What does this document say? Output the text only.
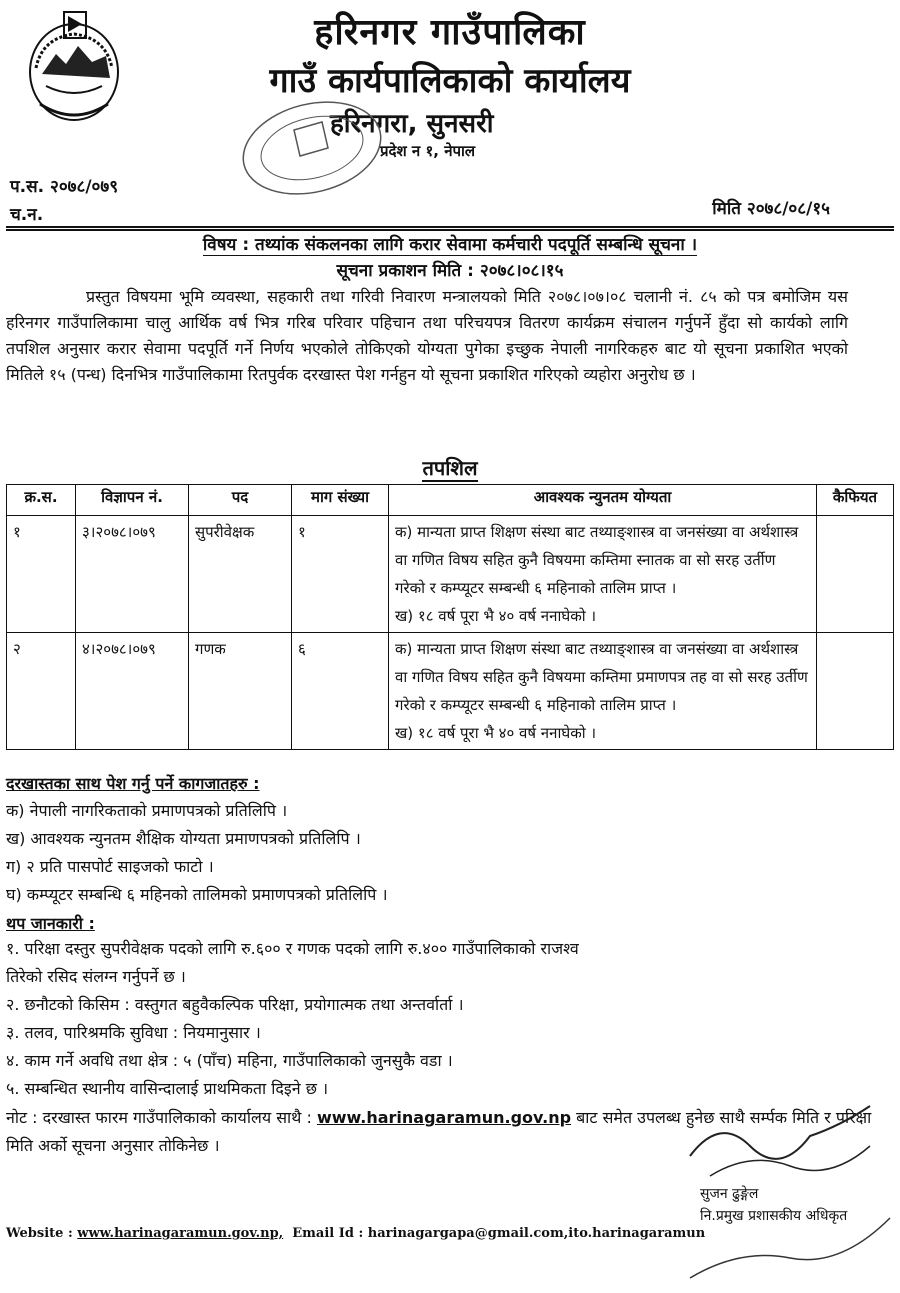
हरिनगर गाउँपालिका
गाउँ कार्यपालिकाको कार्यालय
हरिनगरा, सुनसरी
प्रदेश न १, नेपाल
प.स. २०७८/०७९
च.न.	मिति २०७८/०८/१५
विषय : तथ्यांक संकलनका लागि करार सेवामा कर्मचारी पदपूर्ति सम्बन्धि सूचना ।
सूचना प्रकाशन मिति : २०७८।०८।१५
प्रस्तुत विषयमा भूमि व्यवस्था, सहकारी तथा गरिवी निवारण मन्त्रालयको मिति २०७८।०७।०८ चलानी नं. ८५ को पत्र बमोजिम यस हरिनगर गाउँपालिकामा चालु आर्थिक वर्ष भित्र गरिब परिवार पहिचान तथा परिचयपत्र वितरण कार्यक्रम संचालन गर्नुपर्ने हुँदा सो कार्यको लागि तपशिल अनुसार करार सेवामा पदपूर्ति गर्ने निर्णय भएकोले तोकिएको योग्यता पुगेका इच्छुक नेपाली नागरिकहरु बाट यो सूचना प्रकाशित भएको मितिले १५ (पन्ध) दिनभित्र गाउँपालिकामा रितपुर्वक दरखास्त पेश गर्नहुन यो सूचना प्रकाशित गरिएको व्यहोरा अनुरोध छ ।
तपशिल
क्र.स.	विज्ञापन नं.	पद	माग संख्या	आवश्यक न्युनतम योग्यता	कैफियत
१	३।२०७८।०७९	सुपरीवेक्षक	१	क) मान्यता प्राप्त शिक्षण संस्था बाट तथ्याङ्शास्त्र वा जनसंख्या वा अर्थशास्त्र वा गणित विषय सहित कुनै विषयमा कम्तिमा स्नातक वा सो सरह उर्तीण गरेको र कम्प्यूटर सम्बन्धी ६ महिनाको तालिम प्राप्त ।
ख) १८ वर्ष पूरा भै ४० वर्ष ननाघेको ।	

२	४।२०७८।०७९	गणक	६	क) मान्यता प्राप्त शिक्षण संस्था बाट तथ्याङ्शास्त्र वा जनसंख्या वा अर्थशास्त्र वा गणित विषय सहित कुनै विषयमा कम्तिमा प्रमाणपत्र तह वा सो सरह उर्तीण गरेको र कम्प्यूटर सम्बन्धी ६ महिनाको तालिम प्राप्त ।
ख) १८ वर्ष पूरा भै ४० वर्ष ननाघेको ।	

दरखास्तका साथ पेश गर्नु पर्ने कागजातहरु :
क) नेपाली नागरिकताको प्रमाणपत्रको प्रतिलिपि ।
ख) आवश्यक न्युनतम शैक्षिक योग्यता प्रमाणपत्रको प्रतिलिपि ।
ग) २ प्रति पासपोर्ट साइजको फाटो ।
घ) कम्प्यूटर सम्बन्धि ६ महिनको तालिमको प्रमाणपत्रको प्रतिलिपि ।
थप जानकारी :
१. परिक्षा दस्तुर सुपरीवेक्षक पदको लागि रु.६०० र गणक पदको लागि रु.४०० गाउँपालिकाको राजश्व
तिरेको रसिद संलग्न गर्नुपर्ने छ ।
२. छनौटको किसिम : वस्तुगत बहुवैकल्पिक परिक्षा, प्रयोगात्मक तथा अन्तर्वार्ता ।
३. तलव, पारिश्रमकि सुविधा : नियमानुसार ।
४. काम गर्ने अवधि तथा क्षेत्र : ५ (पाँच) महिना, गाउँपालिकाको जुनसुकै वडा ।
५. सम्बन्धित स्थानीय वासिन्दालाई प्राथमिकता दिइने छ ।
नोट : दरखास्त फारम गाउँपालिकाको कार्यालय साथै : www.harinagaramun.gov.np बाट समेत उपलब्ध हुनेछ साथै सर्म्पक मिति र परिक्षा मिति अर्को सूचना अनुसार तोकिनेछ ।
सुजन ढुङ्गेल
नि.प्रमुख प्रशासकीय अधिकृत
Website : www.harinagaramun.gov.np, Email Id : harinagargapa@gmail.com,ito.harinagaramun
